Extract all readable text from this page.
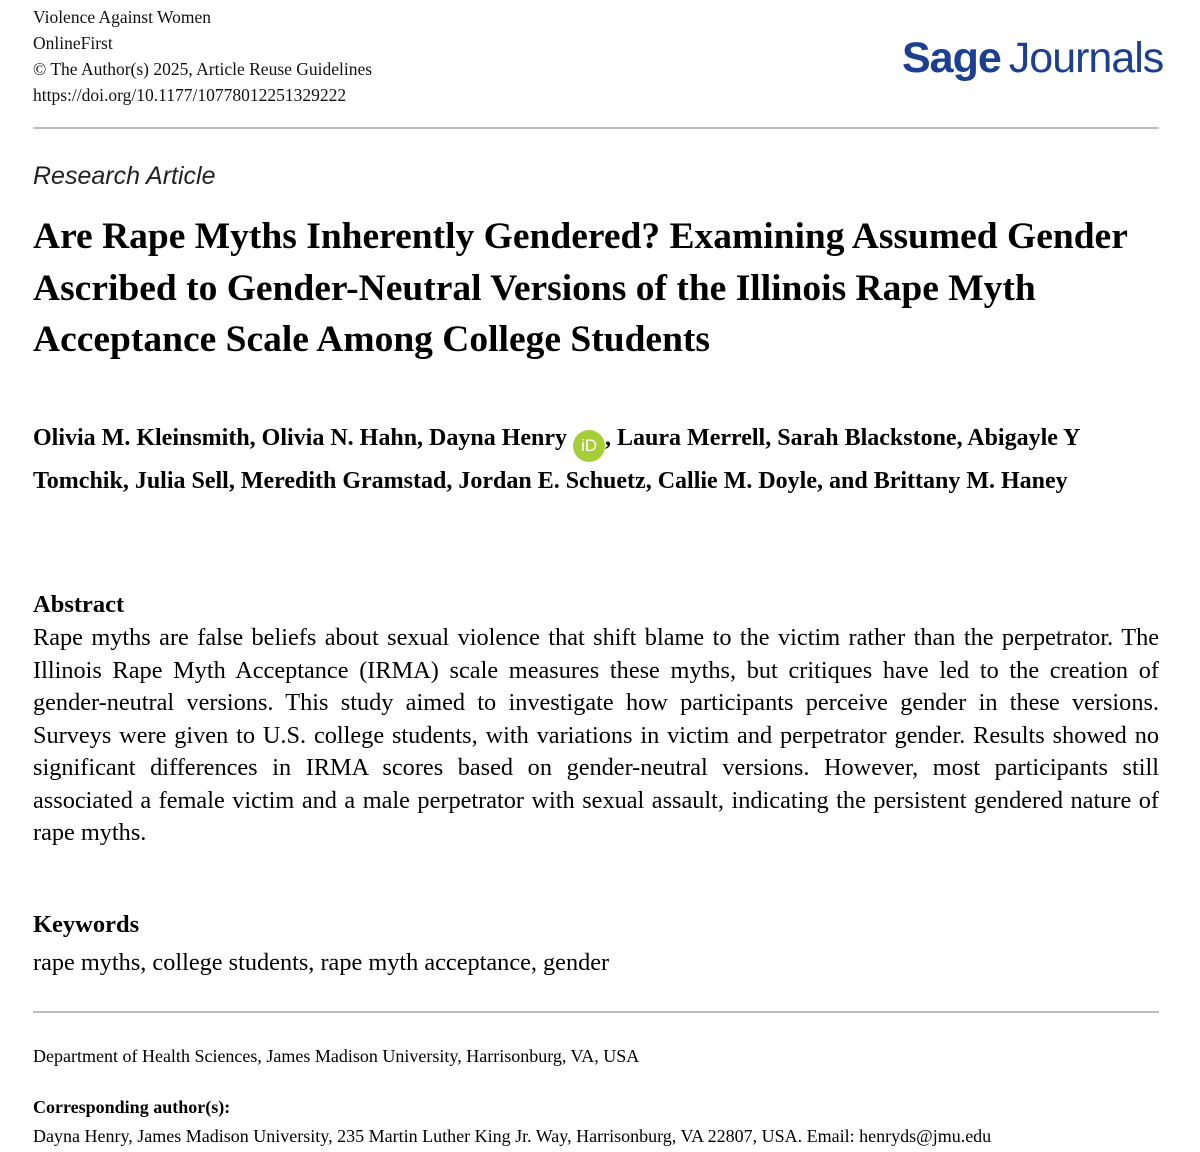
Violence Against Women
OnlineFirst
© The Author(s) 2025, Article Reuse Guidelines
https://doi.org/10.1177/10778012251329222
Sage Journals
Research Article
Are Rape Myths Inherently Gendered? Examining Assumed Gender Ascribed to Gender-Neutral Versions of the Illinois Rape Myth Acceptance Scale Among College Students

Olivia M. Kleinsmith, Olivia N. Hahn, Dayna Henry iD , Laura Merrell, Sarah Blackstone, Abigayle Y Tomchik, Julia Sell, Meredith Gramstad, Jordan E. Schuetz, Callie M. Doyle, and Brittany M. Haney

Abstract

Rape myths are false beliefs about sexual violence that shift blame to the victim rather than the perpetrator. The Illinois Rape Myth Acceptance (IRMA) scale measures these myths, but critiques have led to the creation of gender-neutral versions. This study aimed to investigate how participants perceive gender in these versions. Surveys were given to U.S. college students, with variations in victim and perpetrator gender. Results showed no significant differences in IRMA scores based on gender-neutral versions. However, most participants still associated a female victim and a male perpetrator with sexual assault, indicating the persistent gendered nature of rape myths.

Keywords

rape myths, college students, rape myth acceptance, gender

Department of Health Sciences, James Madison University, Harrisonburg, VA, USA

Corresponding author(s):

Dayna Henry, James Madison University, 235 Martin Luther King Jr. Way, Harrisonburg, VA 22807, USA. Email: henryds@jmu.edu
